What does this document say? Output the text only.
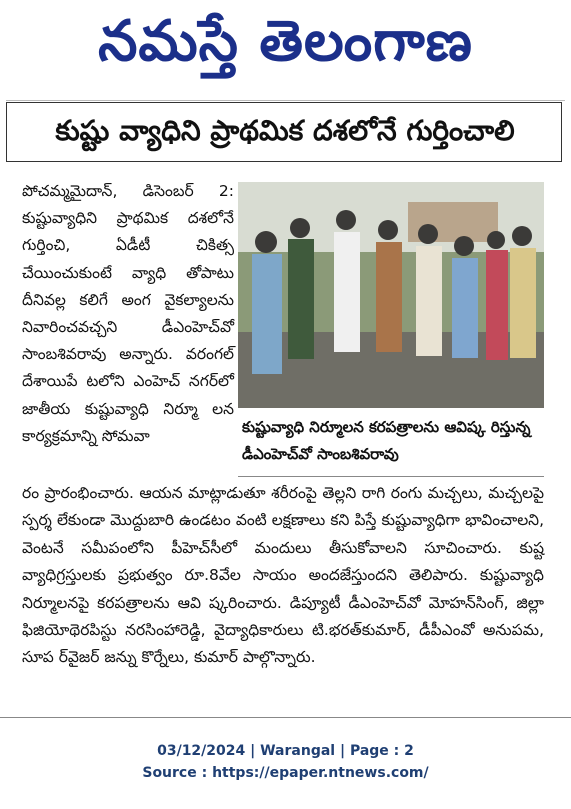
నమస్తే తెలంగాణ
కుష్టు వ్యాధిని ప్రాథమిక దశలోనే గుర్తించాలి

పోచమ్మమైదాన్, డిసెంబర్ 2: కుష్టువ్యాధిని ప్రాథమిక దశలోనే గుర్తించి, ఏడీటీ చికిత్స చేయించుకుంటే వ్యాధి తోపాటు దీనివల్ల కలిగే అంగ వైకల్యాలను నివారించవచ్చని డీఎంహెచ్‌వో సాంబశివరావు అన్నారు. వరంగల్ దేశాయిపే టలోని ఎంహెచ్ నగర్‌లో జాతీయ కుష్టువ్యాధి నిర్మూ లన కార్యక్రమాన్ని సోమవా	కుష్టువ్యాధి నిర్మూలన కరపత్రాలను ఆవిష్క రిస్తున్న డీఎంహెచ్‌వో సాంబశివరావు

రం ప్రారంభించారు. ఆయన మాట్లాడుతూ శరీరంపై తెల్లని రాగి రంగు మచ్చలు, మచ్చలపై స్పర్శ లేకుండా మొద్దుబారి ఉండటం వంటి లక్షణాలు కని పిస్తే కుష్టువ్యాధిగా భావించాలని, వెంటనే సమీపంలోని పీహెచ్‌సీలో మందులు తీసుకోవాలని సూచించారు. కుష్ట వ్యాధిగ్రస్తులకు ప్రభుత్వం రూ.8వేల సాయం అందజేస్తుందని తెలిపారు. కుష్టువ్యాధి నిర్మూలనపై కరపత్రాలను ఆవి ష్కరించారు. డిప్యూటీ డీఎంహెచ్‌వో మోహన్‌సింగ్, జిల్లా ఫిజియోథెరపిస్టు నరసింహారెడ్డి, వైద్యాధికారులు టి.భరత్‌కుమార్, డీపీఎంవో అనుపమ, సూప ర్‌వైజర్ జన్ను కొర్నేలు, కుమార్ పాల్గొన్నారు.

03/12/2024 | Warangal | Page : 2
Source : https://epaper.ntnews.com/
